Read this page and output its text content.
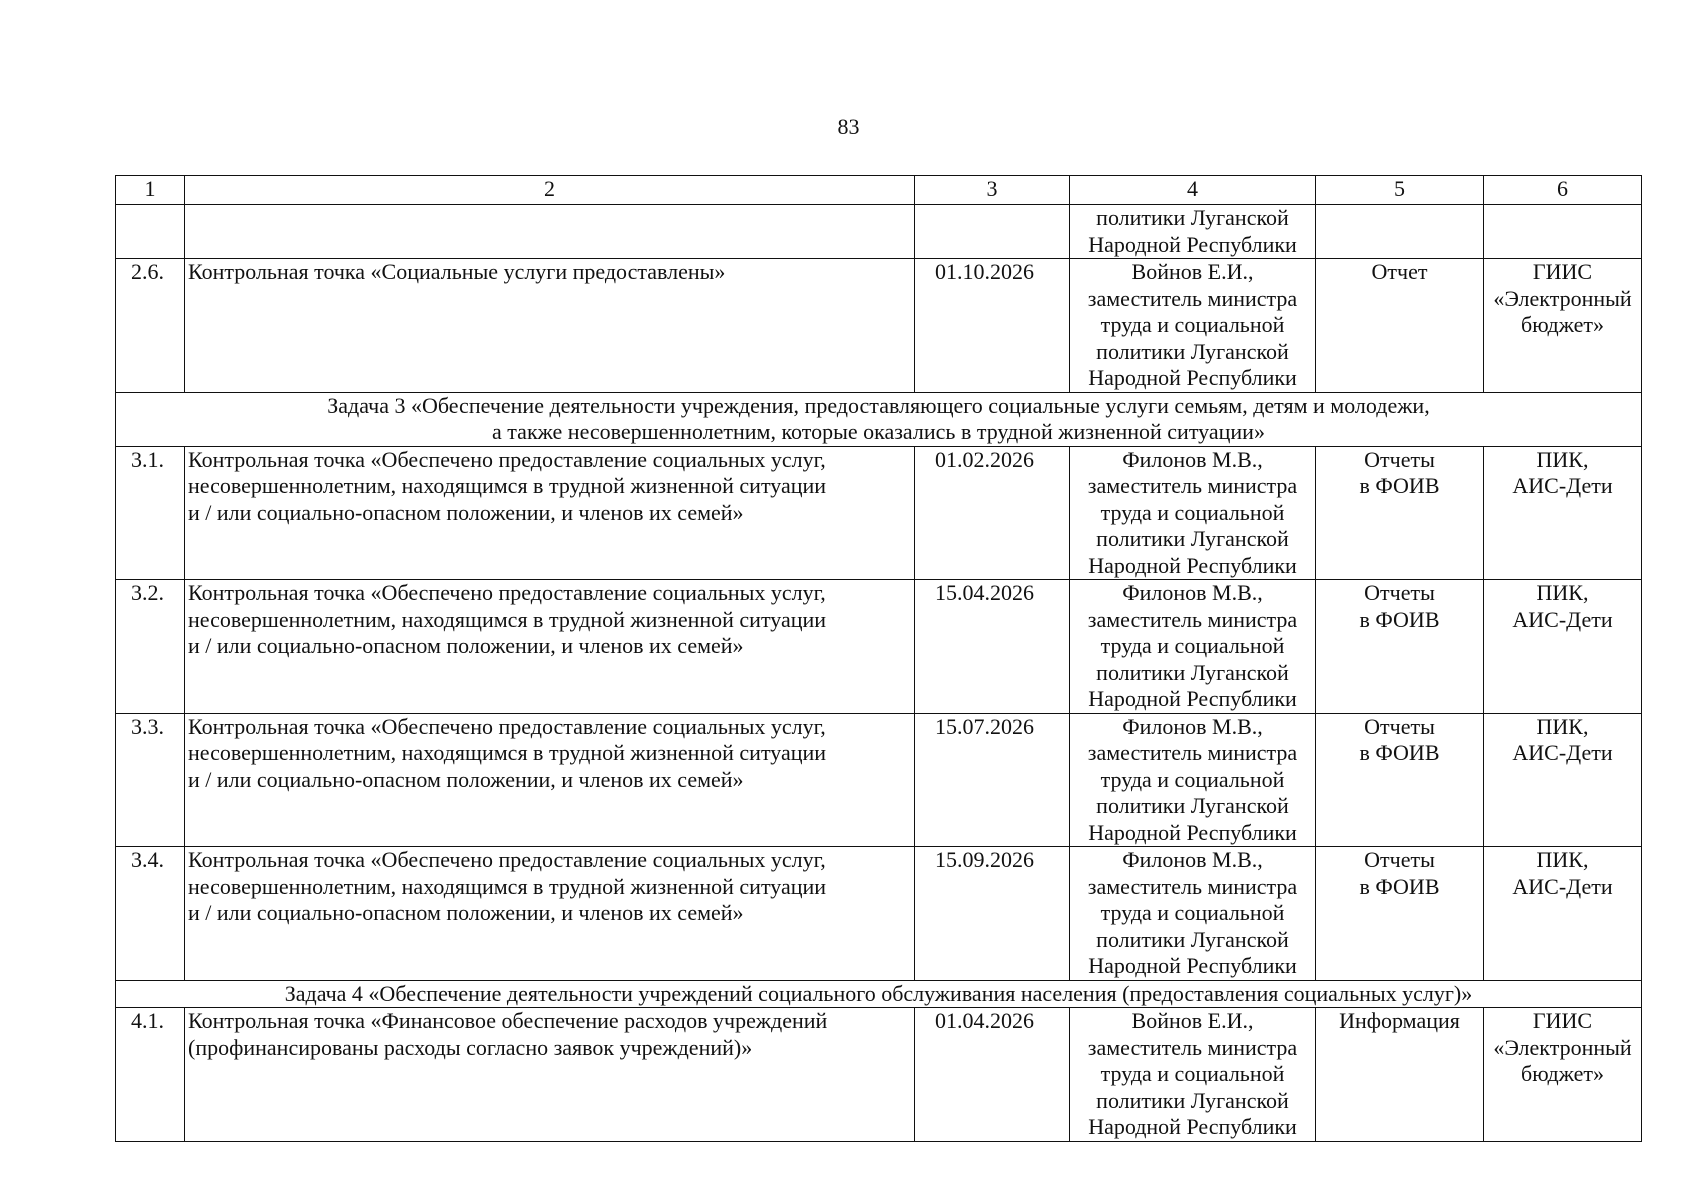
83
1	2	3	4	5	6

			политики Луганской
Народной Республики		

2.6.	Контрольная точка «Социальные услуги предоставлены»	01.10.2026	Войнов Е.И.,
заместитель министра
труда и социальной
политики Луганской
Народной Республики	Отчет	ГИИС
«Электронный
бюджет»

Задача 3 «Обеспечение деятельности учреждения, предоставляющего социальные услуги семьям, детям и молодежи,
а также несовершеннолетним, которые оказались в трудной жизненной ситуации»					

3.1.	Контрольная точка «Обеспечено предоставление социальных услуг,
несовершеннолетним, находящимся в трудной жизненной ситуации
и / или социально-опасном положении, и членов их семей»	01.02.2026	Филонов М.В.,
заместитель министра
труда и социальной
политики Луганской
Народной Республики	Отчеты
в ФОИВ	ПИК,
АИС-Дети

3.2.	Контрольная точка «Обеспечено предоставление социальных услуг,
несовершеннолетним, находящимся в трудной жизненной ситуации
и / или социально-опасном положении, и членов их семей»	15.04.2026	Филонов М.В.,
заместитель министра
труда и социальной
политики Луганской
Народной Республики	Отчеты
в ФОИВ	ПИК,
АИС-Дети

3.3.	Контрольная точка «Обеспечено предоставление социальных услуг,
несовершеннолетним, находящимся в трудной жизненной ситуации
и / или социально-опасном положении, и членов их семей»	15.07.2026	Филонов М.В.,
заместитель министра
труда и социальной
политики Луганской
Народной Республики	Отчеты
в ФОИВ	ПИК,
АИС-Дети

3.4.	Контрольная точка «Обеспечено предоставление социальных услуг,
несовершеннолетним, находящимся в трудной жизненной ситуации
и / или социально-опасном положении, и членов их семей»	15.09.2026	Филонов М.В.,
заместитель министра
труда и социальной
политики Луганской
Народной Республики	Отчеты
в ФОИВ	ПИК,
АИС-Дети

Задача 4 «Обеспечение деятельности учреждений социального обслуживания населения (предоставления социальных услуг)»					

4.1.	Контрольная точка «Финансовое обеспечение расходов учреждений
(профинансированы расходы согласно заявок учреждений)»	01.04.2026	Войнов Е.И.,
заместитель министра
труда и социальной
политики Луганской
Народной Республики	Информация	ГИИС
«Электронный
бюджет»
